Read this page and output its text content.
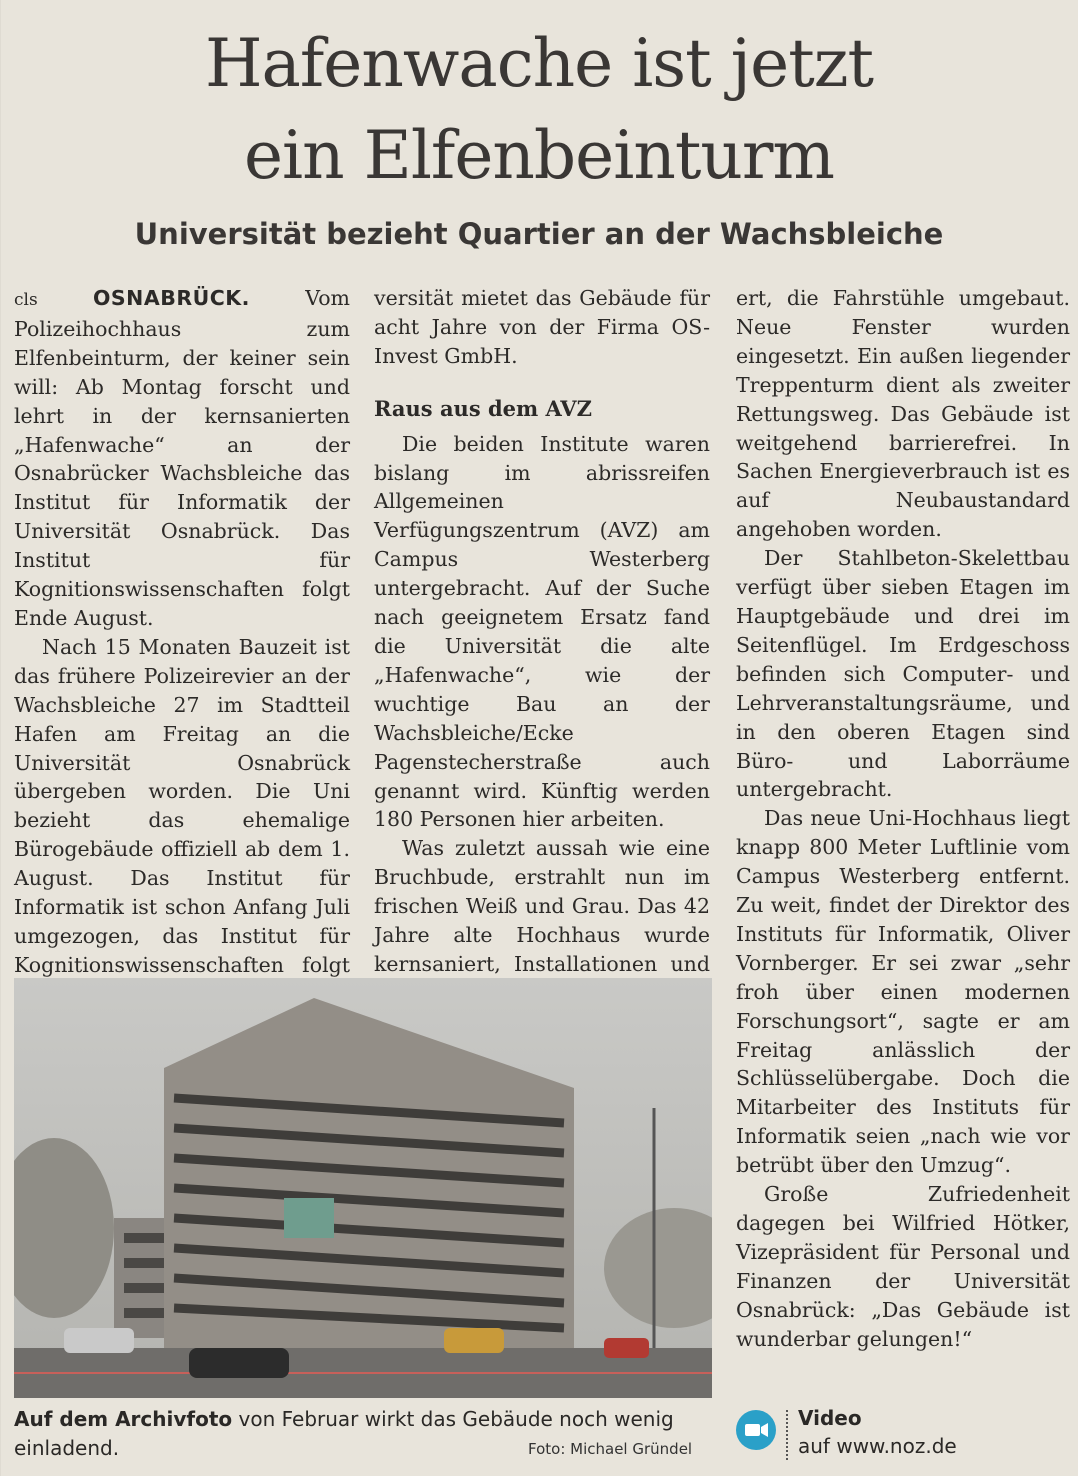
Hafenwache ist jetzt
ein Elfenbeinturm
Universität bezieht Quartier an der Wachsbleiche

cls	OSNABRÜCK.	Vom Polizeihochhaus zum Elfenbeinturm, der keiner sein will: Ab Montag forscht und lehrt in der kernsanierten „Hafenwache“ an der Osnabrücker Wachsbleiche das Institut für Informatik der Universität Osnabrück. Das Institut für Kognitionswissenschaften folgt Ende August.

Nach 15 Monaten Bauzeit ist das frühere Polizeirevier an der Wachsbleiche 27 im Stadtteil Hafen am Freitag an die Universität Osnabrück übergeben worden. Die Uni bezieht das ehemalige Bürogebäude offiziell ab dem 1. August. Das Institut für Informatik ist schon Anfang Juli umgezogen, das Institut für Kognitionswissenschaften folgt

versität mietet das Gebäude für acht Jahre von der Firma OS-Invest GmbH.

Raus aus dem AVZ

Die beiden Institute waren bislang im abrissreifen Allgemeinen Verfügungszentrum (AVZ) am Campus Westerberg untergebracht. Auf der Suche nach geeignetem Ersatz fand die Universität die alte „Hafenwache“, wie der wuchtige Bau an der Wachsbleiche/Ecke Pagenstecherstraße auch genannt wird. Künftig werden 180 Personen hier arbeiten.

Was zuletzt aussah wie eine Bruchbude, erstrahlt nun im frischen Weiß und Grau. Das 42 Jahre alte Hochhaus wurde kernsaniert, Installationen und

ert, die Fahrstühle umgebaut. Neue Fenster wurden eingesetzt. Ein außen liegender Treppenturm dient als zweiter Rettungsweg. Das Gebäude ist weitgehend barrierefrei. In Sachen Energieverbrauch ist es auf Neubaustandard angehoben worden.

Der Stahlbeton-Skelettbau verfügt über sieben Etagen im Hauptgebäude und drei im Seitenflügel. Im Erdgeschoss befinden sich Computer- und Lehrveranstaltungsräume, und in den oberen Etagen sind Büro- und Laborräume untergebracht.

Das neue Uni-Hochhaus liegt knapp 800 Meter Luftlinie vom Campus Westerberg entfernt. Zu weit, findet der Direktor des Instituts für Informatik, Oliver Vornberger. Er sei zwar „sehr froh über einen modernen Forschungsort“, sagte er am Freitag anlässlich der Schlüsselübergabe. Doch die Mitarbeiter des Instituts für Informatik seien „nach wie vor betrübt über den Umzug“.

Große Zufriedenheit dagegen bei Wilfried Hötker, Vizepräsident für Personal und Finanzen der Universität Osnabrück: „Das Gebäude ist wunderbar gelungen!“

Auf dem Archivfoto von Februar wirkt das Gebäude noch wenig einladend.	Foto: Michael Gründel
Video
auf www.noz.de
